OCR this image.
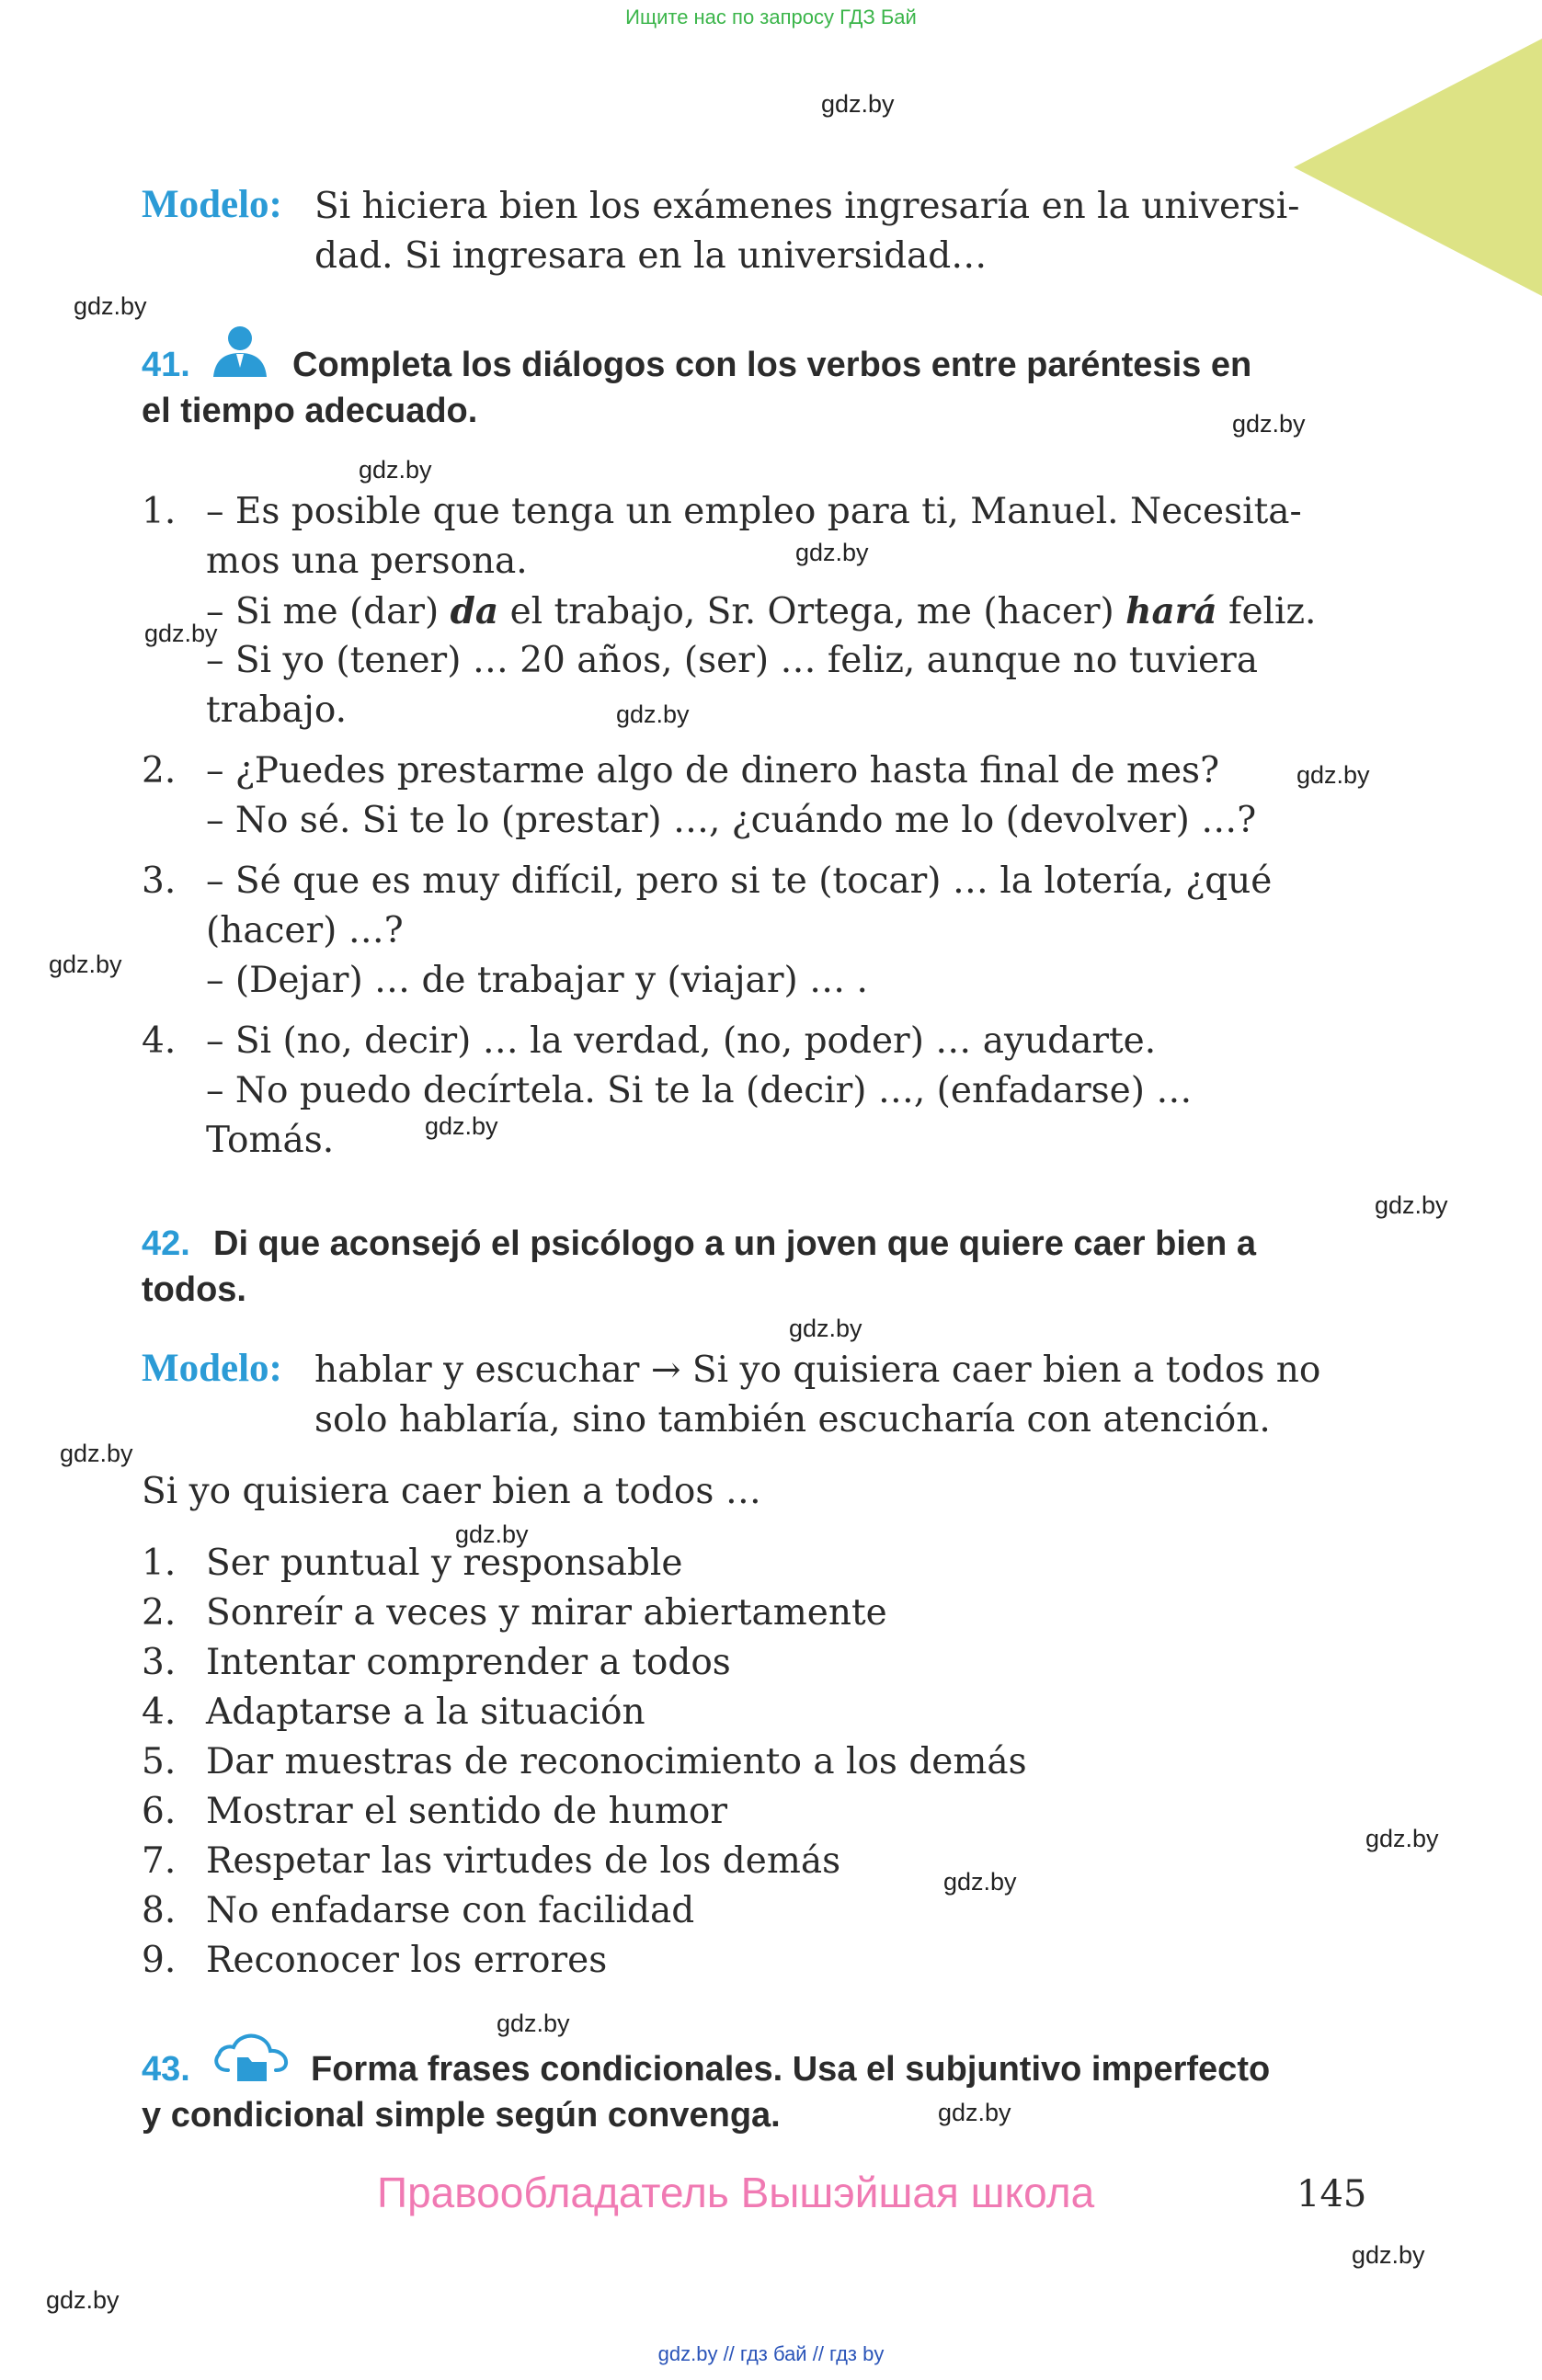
Ищите нас по запросу ГДЗ Бай
gdz.by
gdz.by
gdz.by
gdz.by
gdz.by
gdz.by
gdz.by
gdz.by
gdz.by
gdz.by
gdz.by
gdz.by
gdz.by
gdz.by
gdz.by
gdz.by
gdz.by
gdz.by
gdz.by
gdz.by
Modelo: Si hiciera bien los exámenes ingresaría en la universi-
dad. Si ingresara en la universidad…
41.	Completa los diálogos con los verbos entre paréntesis en
el tiempo adecuado.
1. – Es posible que tenga un empleo para ti, Manuel. Necesita-
mos una persona.
– Si me (dar) da el trabajo, Sr. Ortega, me (hacer) hará feliz.
– Si yo (tener) … 20 años, (ser) … feliz, aunque no tuviera
trabajo.
2. – ¿Puedes prestarme algo de dinero hasta final de mes?
– No sé. Si te lo (prestar) …, ¿cuándo me lo (devolver) …?
3. – Sé que es muy difícil, pero si te (tocar) … la lotería, ¿qué
(hacer) …?
– (Dejar) … de trabajar y (viajar) … .
4. – Si (no, decir) … la verdad, (no, poder) … ayudarte.
– No puedo decírtela. Si te la (decir) …, (enfadarse) …
Tomás.
42. Di que aconsejó el psicólogo a un joven que quiere caer bien a
todos.
Modelo: hablar y escuchar → Si yo quisiera caer bien a todos no
solo hablaría, sino también escucharía con atención.
Si yo quisiera caer bien a todos …
1. Ser puntual y responsable
2. Sonreír a veces y mirar abiertamente
3. Intentar comprender a todos
4. Adaptarse a la situación
5. Dar muestras de reconocimiento a los demás
6. Mostrar el sentido de humor
7. Respetar las virtudes de los demás
8. No enfadarse con facilidad
9. Reconocer los errores
43.	Forma frases condicionales. Usa el subjuntivo imperfecto
y condicional simple según convenga.
Правообладатель Вышэйшая школа	145
gdz.by // гдз бай // гдз by
